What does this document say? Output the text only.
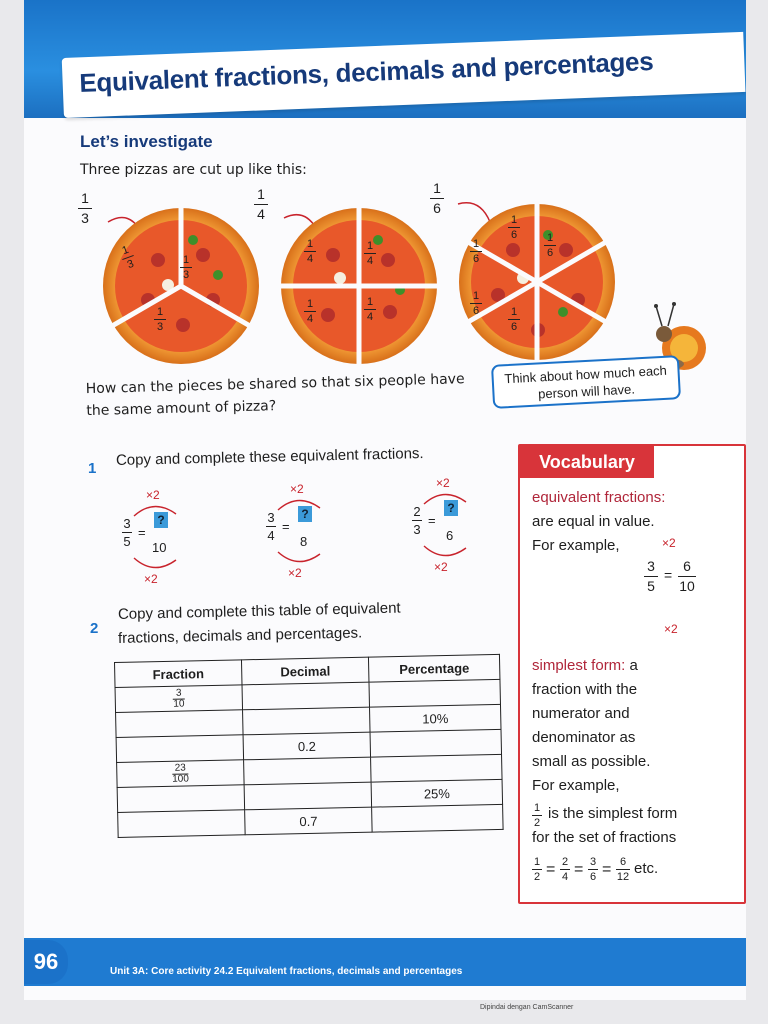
Equivalent fractions, decimals and percentages
Let’s investigate
Three pizzas are cut up like this:
1
3
1
4
1
6
1
3	1
3
1
3
1
4
1
4
1
4
1
4
1
6	1
6
1
6
1
6	1
6
How can the pieces be shared so that six people have the same amount of pizza?
Think about how much each person will have.
1 Copy and complete these equivalent fractions.
×2
3
5
=
?
10
×2
×2
3
4
=
?
8
×2
×2
2
3
=
?
6
×2
2
Copy and complete this table of equivalent
fractions, decimals and percentages.
Fraction	Decimal	Percentage
$\frac{3}{10}$		
		10%
	0.2	
$\frac{23}{100}$		
		25%
	0.7	
Vocabulary

equivalent fractions:

are equal in value.

For example,	×2
3
5
=
6
10
×2

simplest form: a

fraction with the

numerator and

denominator as

small as possible.

For example,

1
2

is the simplest form

for the set of fractions

1
2 = 2
4 = 3
6 = 6
12 etc.
96	Unit 3A: Core activity 24.2 Equivalent fractions, decimals and percentages
Dipindai dengan CamScanner
